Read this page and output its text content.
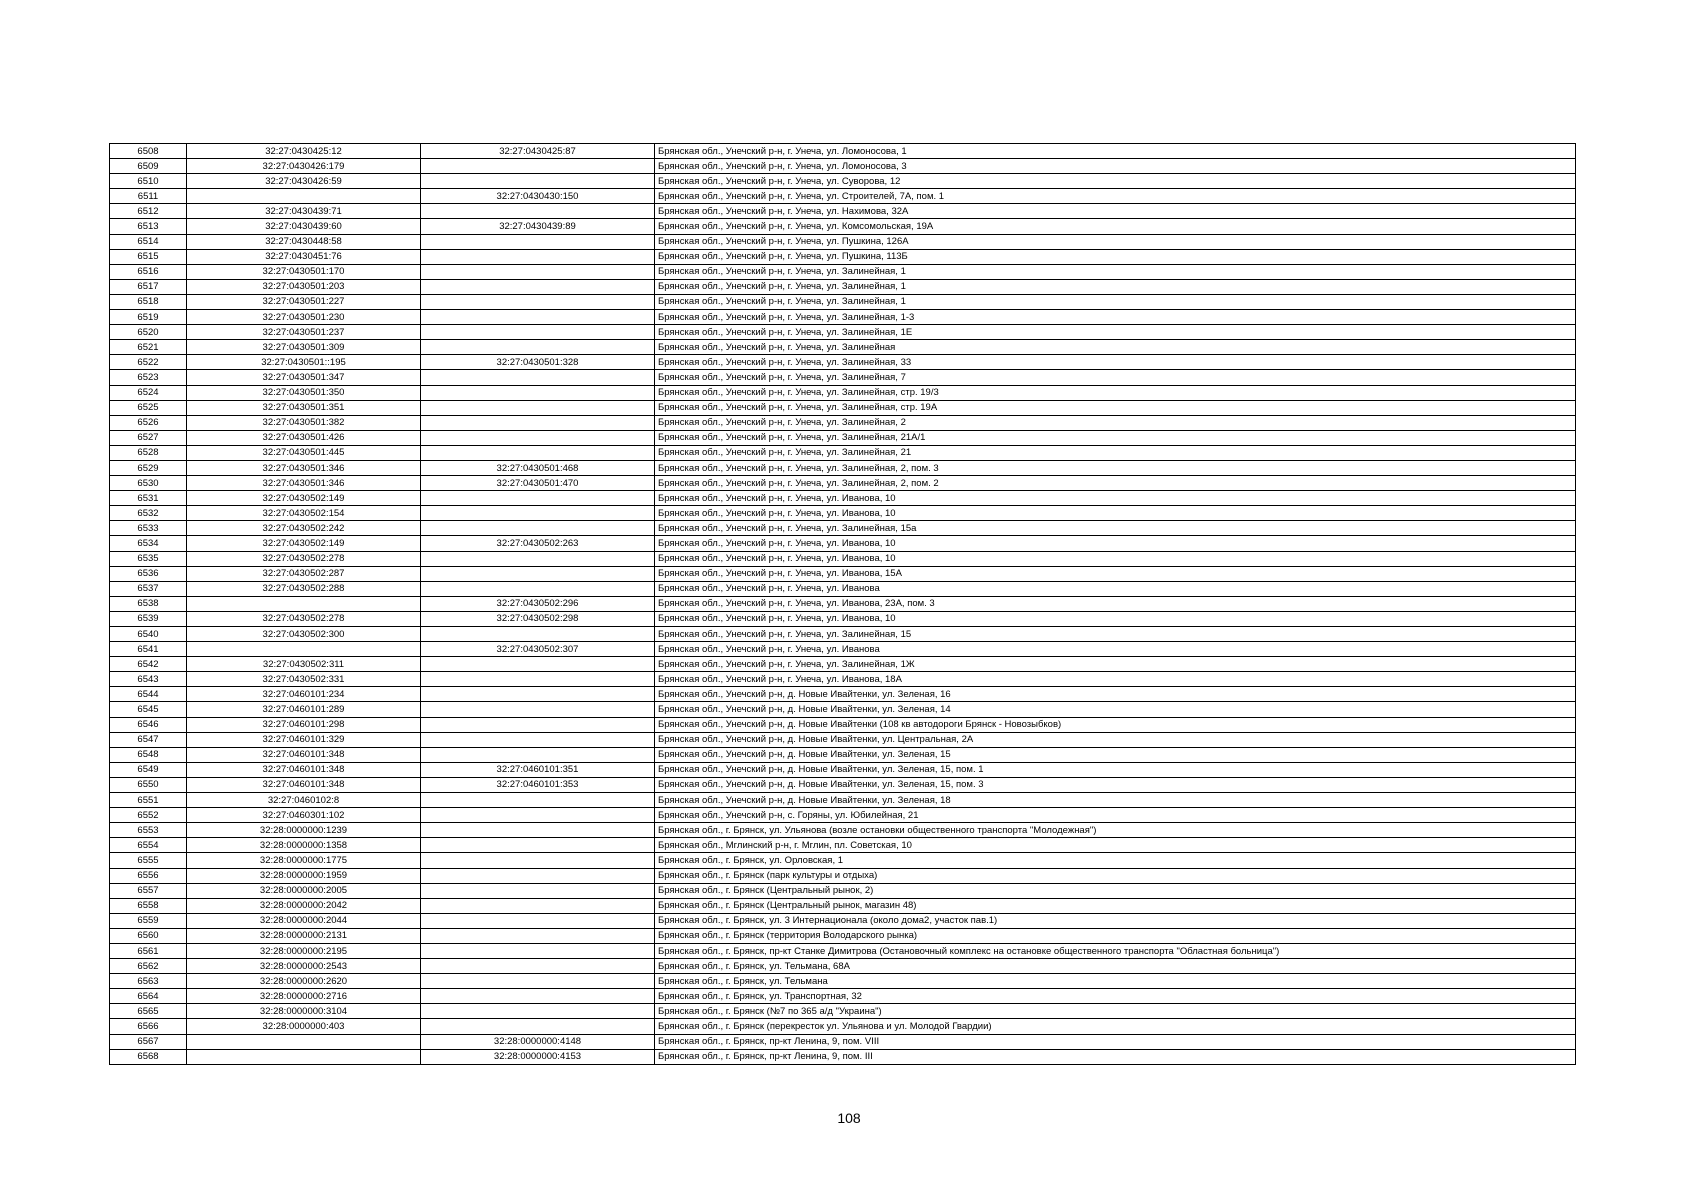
6508	32:27:0430425:12	32:27:0430425:87	Брянская обл., Унечский р-н, г. Унеча, ул. Ломоносова, 1
6509	32:27:0430426:179		Брянская обл., Унечский р-н, г. Унеча, ул. Ломоносова, 3
6510	32:27:0430426:59		Брянская обл., Унечский р-н, г. Унеча, ул. Суворова, 12
6511		32:27:0430430:150	Брянская обл., Унечский р-н, г. Унеча, ул. Строителей, 7А, пом. 1
6512	32:27:0430439:71		Брянская обл., Унечский р-н, г. Унеча, ул. Нахимова, 32А
6513	32:27:0430439:60	32:27:0430439:89	Брянская обл., Унечский р-н, г. Унеча, ул. Комсомольская, 19А
6514	32:27:0430448:58		Брянская обл., Унечский р-н, г. Унеча, ул. Пушкина, 126А
6515	32:27:0430451:76		Брянская обл., Унечский р-н, г. Унеча, ул. Пушкина, 113Б
6516	32:27:0430501:170		Брянская обл., Унечский р-н, г. Унеча, ул. Залинейная, 1
6517	32:27:0430501:203		Брянская обл., Унечский р-н, г. Унеча, ул. Залинейная, 1
6518	32:27:0430501:227		Брянская обл., Унечский р-н, г. Унеча, ул. Залинейная, 1
6519	32:27:0430501:230		Брянская обл., Унечский р-н, г. Унеча, ул. Залинейная, 1-3
6520	32:27:0430501:237		Брянская обл., Унечский р-н, г. Унеча, ул. Залинейная, 1Е
6521	32:27:0430501:309		Брянская обл., Унечский р-н, г. Унеча, ул. Залинейная
6522	32:27:0430501::195	32:27:0430501:328	Брянская обл., Унечский р-н, г. Унеча, ул. Залинейная, 33
6523	32:27:0430501:347		Брянская обл., Унечский р-н, г. Унеча, ул. Залинейная, 7
6524	32:27:0430501:350		Брянская обл., Унечский р-н, г. Унеча, ул. Залинейная, стр. 19/3
6525	32:27:0430501:351		Брянская обл., Унечский р-н, г. Унеча, ул. Залинейная, стр. 19А
6526	32:27:0430501:382		Брянская обл., Унечский р-н, г. Унеча, ул. Залинейная, 2
6527	32:27:0430501:426		Брянская обл., Унечский р-н, г. Унеча, ул. Залинейная, 21А/1
6528	32:27:0430501:445		Брянская обл., Унечский р-н, г. Унеча, ул. Залинейная, 21
6529	32:27:0430501:346	32:27:0430501:468	Брянская обл., Унечский р-н, г. Унеча, ул. Залинейная, 2, пом. 3
6530	32:27:0430501:346	32:27:0430501:470	Брянская обл., Унечский р-н, г. Унеча, ул. Залинейная, 2, пом. 2
6531	32:27:0430502:149		Брянская обл., Унечский р-н, г. Унеча, ул. Иванова, 10
6532	32:27:0430502:154		Брянская обл., Унечский р-н, г. Унеча, ул. Иванова, 10
6533	32:27:0430502:242		Брянская обл., Унечский р-н, г. Унеча, ул. Залинейная, 15а
6534	32:27:0430502:149	32:27:0430502:263	Брянская обл., Унечский р-н, г. Унеча, ул. Иванова, 10
6535	32:27:0430502:278		Брянская обл., Унечский р-н, г. Унеча, ул. Иванова, 10
6536	32:27:0430502:287		Брянская обл., Унечский р-н, г. Унеча, ул. Иванова, 15А
6537	32:27:0430502:288		Брянская обл., Унечский р-н, г. Унеча, ул. Иванова
6538		32:27:0430502:296	Брянская обл., Унечский р-н, г. Унеча, ул. Иванова, 23А, пом. 3
6539	32:27:0430502:278	32:27:0430502:298	Брянская обл., Унечский р-н, г. Унеча, ул. Иванова, 10
6540	32:27:0430502:300		Брянская обл., Унечский р-н, г. Унеча, ул. Залинейная, 15
6541		32:27:0430502:307	Брянская обл., Унечский р-н, г. Унеча, ул. Иванова
6542	32:27:0430502:311		Брянская обл., Унечский р-н, г. Унеча, ул. Залинейная, 1Ж
6543	32:27:0430502:331		Брянская обл., Унечский р-н, г. Унеча, ул. Иванова, 18А
6544	32:27:0460101:234		Брянская обл., Унечский р-н, д. Новые Ивайтенки, ул. Зеленая, 16
6545	32:27:0460101:289		Брянская обл., Унечский р-н, д. Новые Ивайтенки, ул. Зеленая, 14
6546	32:27:0460101:298		Брянская обл., Унечский р-н, д. Новые Ивайтенки (108 кв автодороги Брянск - Новозыбков)
6547	32:27:0460101:329		Брянская обл., Унечский р-н, д. Новые Ивайтенки, ул. Центральная, 2А
6548	32:27:0460101:348		Брянская обл., Унечский р-н, д. Новые Ивайтенки, ул. Зеленая, 15
6549	32:27:0460101:348	32:27:0460101:351	Брянская обл., Унечский р-н, д. Новые Ивайтенки, ул. Зеленая, 15, пом. 1
6550	32:27:0460101:348	32:27:0460101:353	Брянская обл., Унечский р-н, д. Новые Ивайтенки, ул. Зеленая, 15, пом. 3
6551	32:27:0460102:8		Брянская обл., Унечский р-н, д. Новые Ивайтенки, ул. Зеленая, 18
6552	32:27:0460301:102		Брянская обл., Унечский р-н, с. Горяны, ул. Юбилейная, 21
6553	32:28:0000000:1239		Брянская обл., г. Брянск, ул. Ульянова (возле остановки общественного транспорта "Молодежная")
6554	32:28:0000000:1358		Брянская обл., Мглинский р-н, г. Мглин, пл. Советская, 10
6555	32:28:0000000:1775		Брянская обл., г. Брянск, ул. Орловская, 1
6556	32:28:0000000:1959		Брянская обл., г. Брянск (парк культуры и отдыха)
6557	32:28:0000000:2005		Брянская обл., г. Брянск (Центральный рынок, 2)
6558	32:28:0000000:2042		Брянская обл., г. Брянск (Центральный рынок, магазин 48)
6559	32:28:0000000:2044		Брянская обл., г. Брянск, ул. 3 Интернационала (около дома2, участок пав.1)
6560	32:28:0000000:2131		Брянская обл., г. Брянск (территория Володарского рынка)
6561	32:28:0000000:2195		Брянская обл., г. Брянск, пр-кт Станке Димитрова (Остановочный комплекс на остановке общественного транспорта "Областная больница")
6562	32:28:0000000:2543		Брянская обл., г. Брянск, ул. Тельмана, 68А
6563	32:28:0000000:2620		Брянская обл., г. Брянск, ул. Тельмана
6564	32:28:0000000:2716		Брянская обл., г. Брянск, ул. Транспортная, 32
6565	32:28:0000000:3104		Брянская обл., г. Брянск (№7 по 365 а/д "Украина")
6566	32:28:0000000:403		Брянская обл., г. Брянск (перекресток ул. Ульянова и ул. Молодой Гвардии)
6567		32:28:0000000:4148	Брянская обл., г. Брянск, пр-кт Ленина, 9, пом. VIII
6568		32:28:0000000:4153	Брянская обл., г. Брянск, пр-кт Ленина, 9, пом. III
108
